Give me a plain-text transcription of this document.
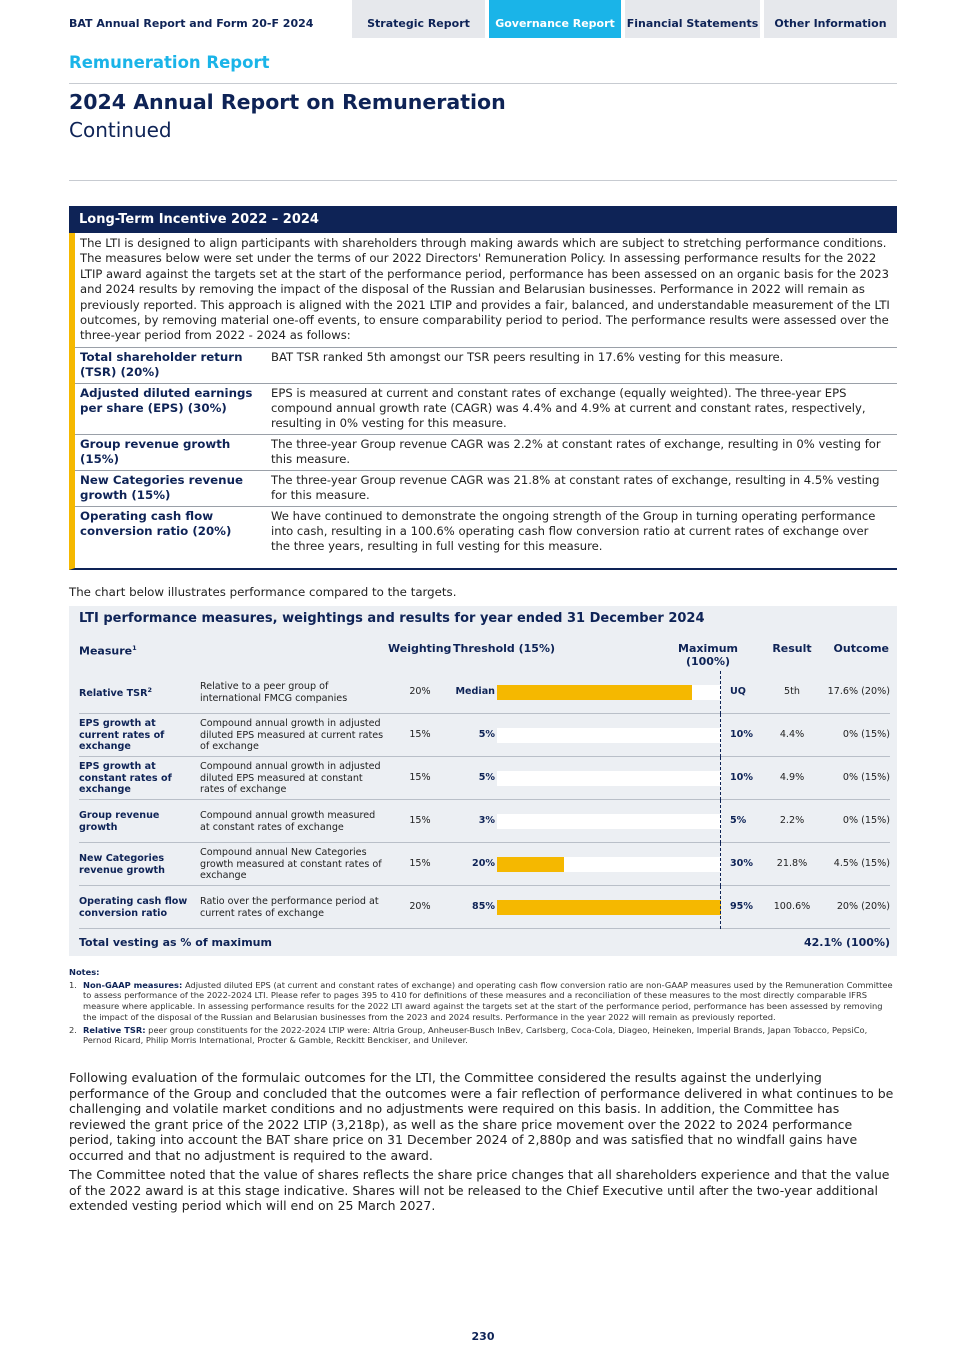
BAT Annual Report and Form 20-F 2024	Strategic Report	Governance Report	Financial Statements	Other Information
Remuneration Report
2024 Annual Report on Remuneration
Continued
Long-Term Incentive 2022 – 2024
The LTI is designed to align participants with shareholders through making awards which are subject to stretching performance conditions. The measures below were set under the terms of our 2022 Directors' Remuneration Policy. In assessing performance results for the 2022 LTIP award against the targets set at the start of the performance period, performance has been assessed on an organic basis for the 2023 and 2024 results by removing the impact of the disposal of the Russian and Belarusian businesses. Performance in 2022 will remain as previously reported. This approach is aligned with the 2021 LTIP and provides a fair, balanced, and understandable measurement of the LTI outcomes, by removing material one-off events, to ensure comparability period to period. The performance results were assessed over the three-year period from 2022 - 2024 as follows:
Total shareholder return (TSR) (20%)
BAT TSR ranked 5th amongst our TSR peers resulting in 17.6% vesting for this measure.
Adjusted diluted earnings per share (EPS) (30%)
EPS is measured at current and constant rates of exchange (equally weighted). The three-year EPS compound annual growth rate (CAGR) was 4.4% and 4.9% at current and constant rates, respectively, resulting in 0% vesting for this measure.
Group revenue growth (15%)
The three-year Group revenue CAGR was 2.2% at constant rates of exchange, resulting in 0% vesting for this measure.
New Categories revenue growth (15%)
The three-year Group revenue CAGR was 21.8% at constant rates of exchange, resulting in 4.5% vesting for this measure.
Operating cash flow conversion ratio (20%)
We have continued to demonstrate the ongoing strength of the Group in turning operating performance into cash, resulting in a 100.6% operating cash flow conversion ratio at current rates of exchange over the three years, resulting in full vesting for this measure.
The chart below illustrates performance compared to the targets.
LTI performance measures, weightings and results for year ended 31 December 2024
Measure$^1$	Weighting Threshold (15%)	Maximum
(100%)
Result	Outcome
Relative TSR$^2$	Relative to a peer group of international FMCG companies
20%	Median	UQ	5th	17.6% (20%)
EPS growth at current rates of exchange
Compound annual growth in adjusted diluted EPS measured at current rates of exchange
15%	5%	10%	4.4%	0% (15%)
EPS growth at constant rates of exchange
Compound annual growth in adjusted diluted EPS measured at constant rates of exchange
15%	5%	10%	4.9%	0% (15%)
Group revenue growth
Compound annual growth measured at constant rates of exchange
15%	3%	5%	2.2%	0% (15%)
New Categories revenue growth
Compound annual New Categories growth measured at constant rates of exchange
15%	20%	30%	21.8%	4.5% (15%)
Operating cash flow conversion ratio
Ratio over the performance period at current rates of exchange
20%	85%	95%	100.6%	20% (20%)
Total vesting as % of maximum	42.1% (100%)
Notes:
1. Non-GAAP measures: Adjusted diluted EPS (at current and constant rates of exchange) and operating cash flow conversion ratio are non-GAAP measures used by the Remuneration Committee to assess performance of the 2022-2024 LTI. Please refer to pages 395 to 410 for definitions of these measures and a reconciliation of these measures to the most directly comparable IFRS measure where applicable. In assessing performance results for the 2022 LTI award against the targets set at the start of the performance period, performance has been assessed by removing the impact of the disposal of the Russian and Belarusian businesses from the 2023 and 2024 results. Performance in the year 2022 will remain as previously reported.
2. Relative TSR: peer group constituents for the 2022-2024 LTIP were: Altria Group, Anheuser-Busch InBev, Carlsberg, Coca-Cola, Diageo, Heineken, Imperial Brands, Japan Tobacco, PepsiCo, Pernod Ricard, Philip Morris International, Procter & Gamble, Reckitt Benckiser, and Unilever.
Following evaluation of the formulaic outcomes for the LTI, the Committee considered the results against the underlying performance of the Group and concluded that the outcomes were a fair reflection of performance delivered in what continues to be challenging and volatile market conditions and no adjustments were required on this basis. In addition, the Committee has reviewed the grant price of the 2022 LTIP (3,218p), as well as the share price movement over the 2022 to 2024 performance period, taking into account the BAT share price on 31 December 2024 of 2,880p and was satisfied that no windfall gains have occurred and that no adjustment is required to the award.
The Committee noted that the value of shares reflects the share price changes that all shareholders experience and that the value of the 2022 award is at this stage indicative. Shares will not be released to the Chief Executive until after the two-year additional extended vesting period which will end on 25 March 2027.
230
